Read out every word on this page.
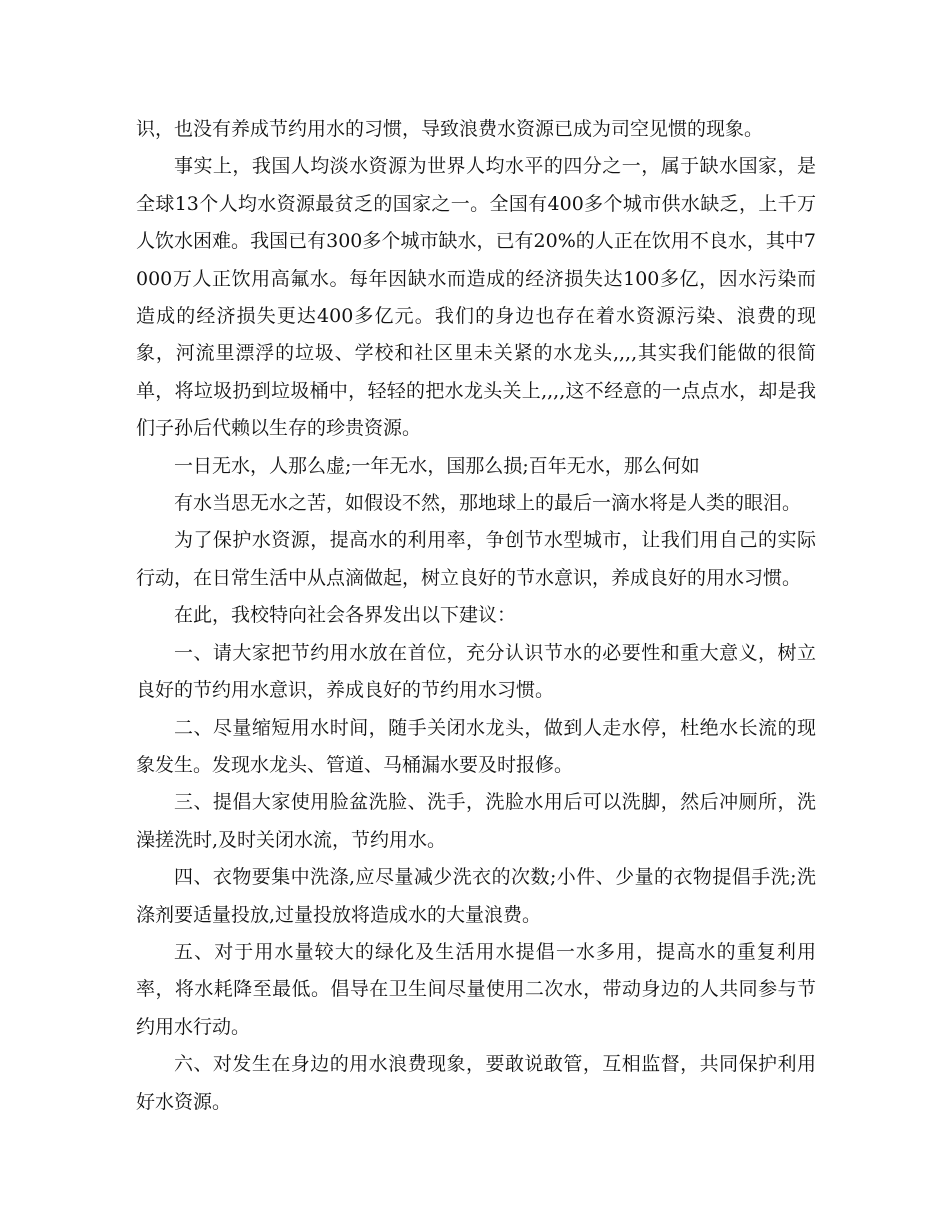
识，也没有养成节约用水的习惯，导致浪费水资源已成为司空见惯的现象。

事实上，我国人均淡水资源为世界人均水平的四分之一，属于缺水国家，是全球13个人均水资源最贫乏的国家之一。全国有400多个城市供水缺乏，上千万人饮水困难。我国已有300多个城市缺水，已有20%的人正在饮用不良水，其中7000万人正饮用高氟水。每年因缺水而造成的经济损失达100多亿，因水污染而造成的经济损失更达400多亿元。我们的身边也存在着水资源污染、浪费的现象，河流里漂浮的垃圾、学校和社区里未关紧的水龙头,,,,其实我们能做的很简单，将垃圾扔到垃圾桶中，轻轻的把水龙头关上,,,,这不经意的一点点水，却是我们子孙后代赖以生存的珍贵资源。

一日无水，人那么虚;一年无水，国那么损;百年无水，那么何如

有水当思无水之苦，如假设不然，那地球上的最后一滴水将是人类的眼泪。

为了保护水资源，提高水的利用率，争创节水型城市，让我们用自己的实际行动，在日常生活中从点滴做起，树立良好的节水意识，养成良好的用水习惯。

在此，我校特向社会各界发出以下建议：

一、请大家把节约用水放在首位，充分认识节水的必要性和重大意义，树立良好的节约用水意识，养成良好的节约用水习惯。

二、尽量缩短用水时间，随手关闭水龙头，做到人走水停，杜绝水长流的现象发生。发现水龙头、管道、马桶漏水要及时报修。

三、提倡大家使用脸盆洗脸、洗手，洗脸水用后可以洗脚，然后冲厕所，洗澡搓洗时,及时关闭水流，节约用水。

四、衣物要集中洗涤,应尽量减少洗衣的次数;小件、少量的衣物提倡手洗;洗涤剂要适量投放,过量投放将造成水的大量浪费。

五、对于用水量较大的绿化及生活用水提倡一水多用，提高水的重复利用率，将水耗降至最低。倡导在卫生间尽量使用二次水，带动身边的人共同参与节约用水行动。

六、对发生在身边的用水浪费现象，要敢说敢管，互相监督，共同保护利用好水资源。
